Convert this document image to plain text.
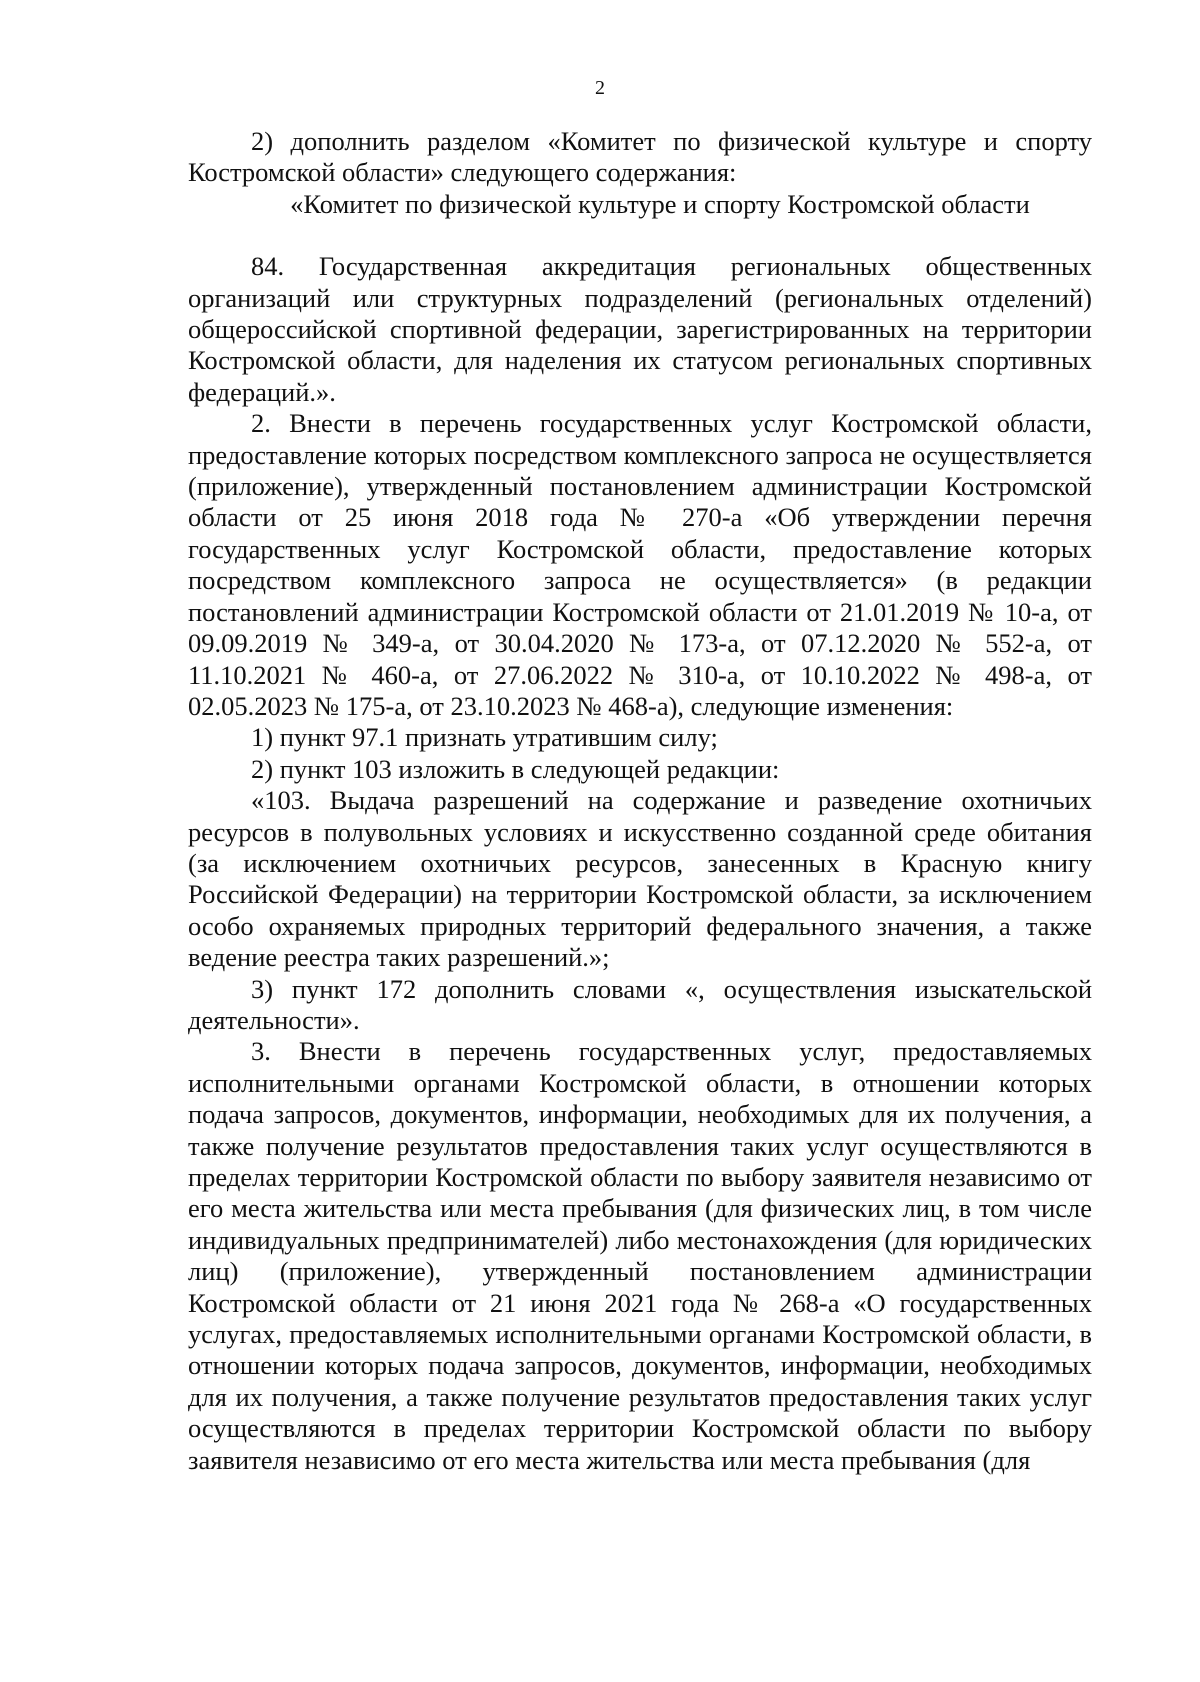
2

2) дополнить разделом «Комитет по физической культуре и спорту Костромской области» следующего содержания:

«Комитет по физической культуре и спорту Костромской области

84. Государственная аккредитация региональных общественных организаций или структурных подразделений (региональных отделений) общероссийской спортивной федерации, зарегистрированных на территории Костромской области, для наделения их статусом региональных спортивных федераций.».

2. Внести в перечень государственных услуг Костромской области, предоставление которых посредством комплексного запроса не осуществляется (приложение), утвержденный постановлением администрации Костромской области от 25 июня 2018 года № 270-а «Об утверждении перечня государственных услуг Костромской области, предоставление которых посредством комплексного запроса не осуществляется» (в редакции постановлений администрации Костромской области от 21.01.2019 № 10-а, от 09.09.2019 № 349-а, от 30.04.2020 № 173-а, от 07.12.2020 № 552-а, от 11.10.2021 № 460-а, от 27.06.2022 № 310-а, от 10.10.2022 № 498-а, от 02.05.2023 № 175-а, от 23.10.2023 № 468-а), следующие изменения:

1) пункт 97.1 признать утратившим силу;

2) пункт 103 изложить в следующей редакции:

«103. Выдача разрешений на содержание и разведение охотничьих ресурсов в полувольных условиях и искусственно созданной среде обитания (за исключением охотничьих ресурсов, занесенных в Красную книгу Российской Федерации) на территории Костромской области, за исключением особо охраняемых природных территорий федерального значения, а также ведение реестра таких разрешений.»;

3) пункт 172 дополнить словами «, осуществления изыскательской деятельности».

3. Внести в перечень государственных услуг, предоставляемых исполнительными органами Костромской области, в отношении которых подача запросов, документов, информации, необходимых для их получения, а также получение результатов предоставления таких услуг осуществляются в пределах территории Костромской области по выбору заявителя независимо от его места жительства или места пребывания (для физических лиц, в том числе индивидуальных предпринимателей) либо местонахождения (для юридических лиц) (приложение), утвержденный постановлением администрации Костромской области от 21 июня 2021 года № 268-а «О государственных услугах, предоставляемых исполнительными органами Костромской области, в отношении которых подача запросов, документов, информации, необходимых для их получения, а также получение результатов предоставления таких услуг осуществляются в пределах территории Костромской области по выбору заявителя независимо от его места жительства или места пребывания (для
